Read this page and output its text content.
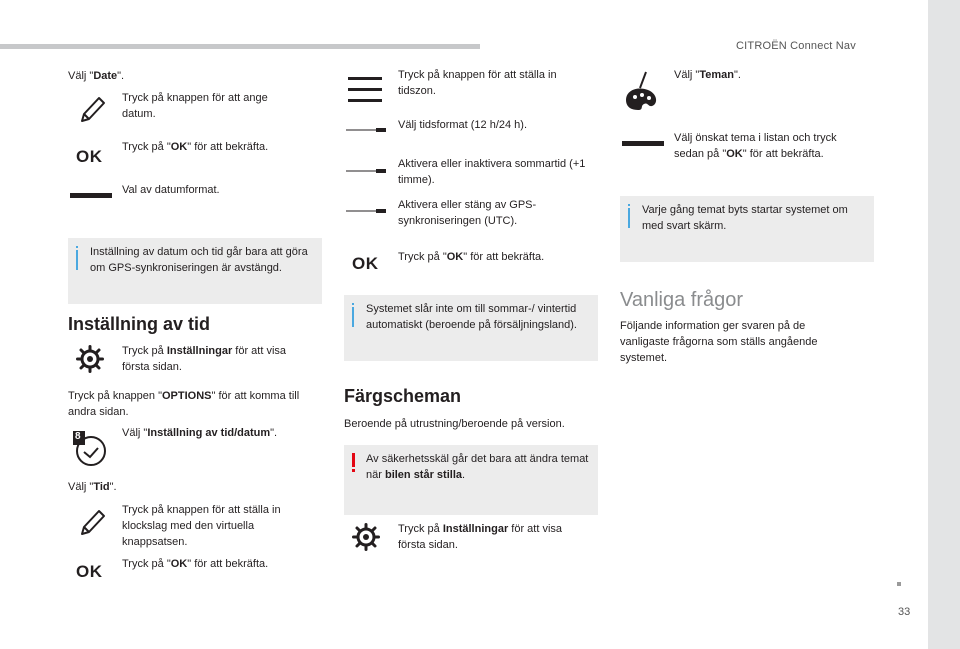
CITROËN Connect Nav
33
Välj "Date".
Tryck på knappen för att ange datum.
OK Tryck på "OK" för att bekräfta.
Val av datumformat.
Inställning av datum och tid går bara att göra om GPS-synkroniseringen är avstängd.
Inställning av tid
Tryck på Inställningar för att visa första sidan.
Tryck på knappen "OPTIONS" för att komma till andra sidan.
8	Välj "Inställning av tid/datum".
Välj "Tid".
Tryck på knappen för att ställa in klockslag med den virtuella knappsatsen.
OK Tryck på "OK" för att bekräfta.
Tryck på knappen för att ställa in tidszon.
Välj tidsformat (12 h/24 h).
Aktivera eller inaktivera sommartid (+1 timme).
Aktivera eller stäng av GPS-synkroniseringen (UTC).
OK Tryck på "OK" för att bekräfta.
Systemet slår inte om till sommar-/ vintertid automatiskt (beroende på försäljningsland).
Färgscheman
Beroende på utrustning/beroende på version.
Av säkerhetsskäl går det bara att ändra temat när bilen står stilla.
Tryck på Inställningar för att visa första sidan.
Välj "Teman".
Välj önskat tema i listan och tryck sedan på "OK" för att bekräfta.
Varje gång temat byts startar systemet om med svart skärm.
Vanliga frågor
Följande information ger svaren på de vanligaste frågorna som ställs angående systemet.
